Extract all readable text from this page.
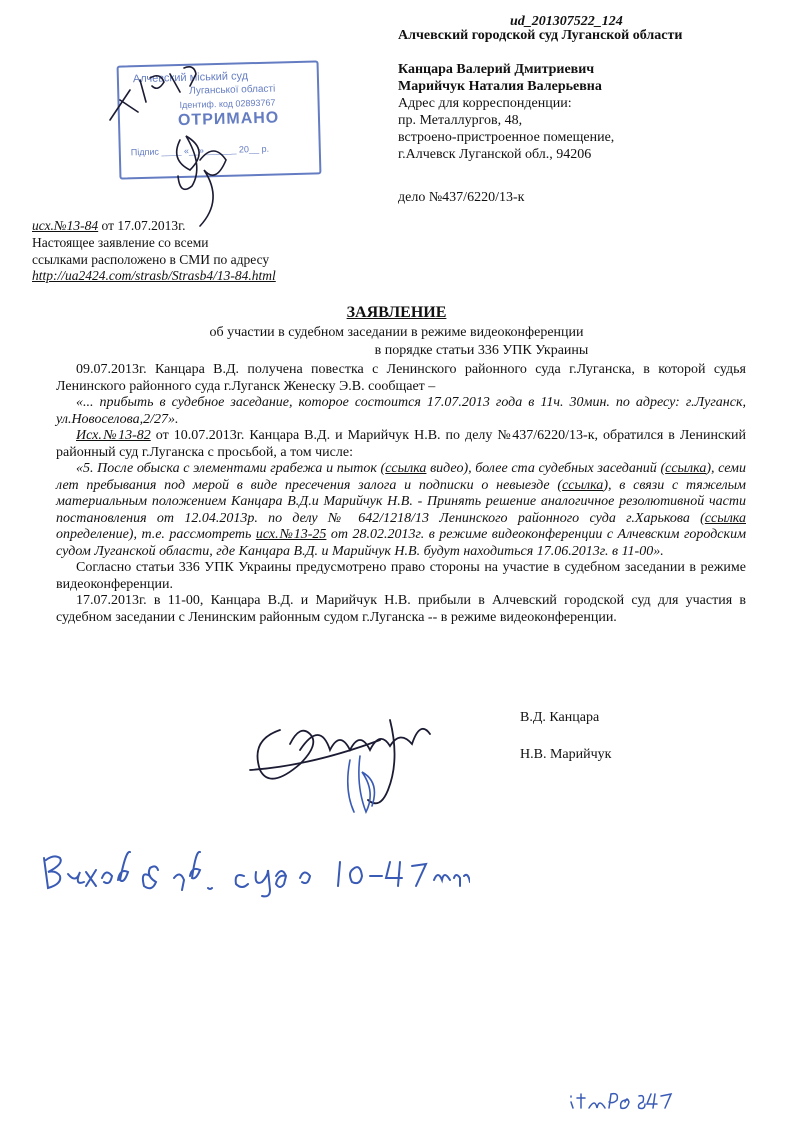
ud_201307522_124
Алчевский городской суд Луганской области
Канцара Валерий Дмитриевич
Марийчук Наталия Валерьевна
Адрес для корреспонденции:
пр. Металлургов, 48,
встроено-пристроенное помещение,
г.Алчевск Луганской обл., 94206
дело №437/6220/13-к
Алчевский міський суд
Луганської області
Ідентиф. код 02893767
ОТРИМАНО
Підпис ____ «__» ______ 20__ р.
исх.№13-84 от 17.07.2013г.
Настоящее заявление со всеми
ссылками расположено в СМИ по адресу
http://ua2424.com/strasb/Strasb4/13-84.html
ЗАЯВЛЕНИЕ
об участии в судебном заседании в режиме видеоконференции
в порядке статьи 336 УПК Украины

09.07.2013г. Канцара В.Д. получена повестка с Ленинского районного суда г.Луганска, в которой судья Ленинского районного суда г.Луганск Женеску Э.В. сообщает –

«... прибыть в судебное заседание, которое состоится 17.07.2013 года в 11ч. 30мин. по адресу: г.Луганск, ул.Новоселова,2/27».

Исх.№13-82 от 10.07.2013г. Канцара В.Д. и Марийчук Н.В. по делу №437/6220/13-к, обратился в Ленинский районный суд г.Луганска с просьбой, а том числе:

«5. После обыска с элементами грабежа и пыток (ссылка видео), более ста судебных заседаний (ссылка), семи лет пребывания под мерой в виде пресечения залога и подписки о невыезде (ссылка), в связи с тяжелым материальным положением Канцара В.Д.и Марийчук Н.В. - Принять решение аналогичное резолютивной части постановления от 12.04.2013р. по делу № 642/1218/13 Ленинского районного суда г.Харькова (ссылка определение), т.е. рассмотреть исх.№13-25 от 28.02.2013г. в режиме видеоконференции с Алчевским городским судом Луганской области, где Канцара В.Д. и Марийчук Н.В. будут находиться 17.06.2013г. в 11-00».

Согласно статьи 336 УПК Украины предусмотрено право стороны на участие в судебном заседании в режиме видеоконференции.

17.07.2013г. в 11-00, Канцара В.Д. и Марийчук Н.В. прибыли в Алчевский городской суд для участия в судебном заседании с Ленинским районным судом г.Луганска -- в режиме видеоконференции.

В.Д. Канцара
Н.В. Марийчук
